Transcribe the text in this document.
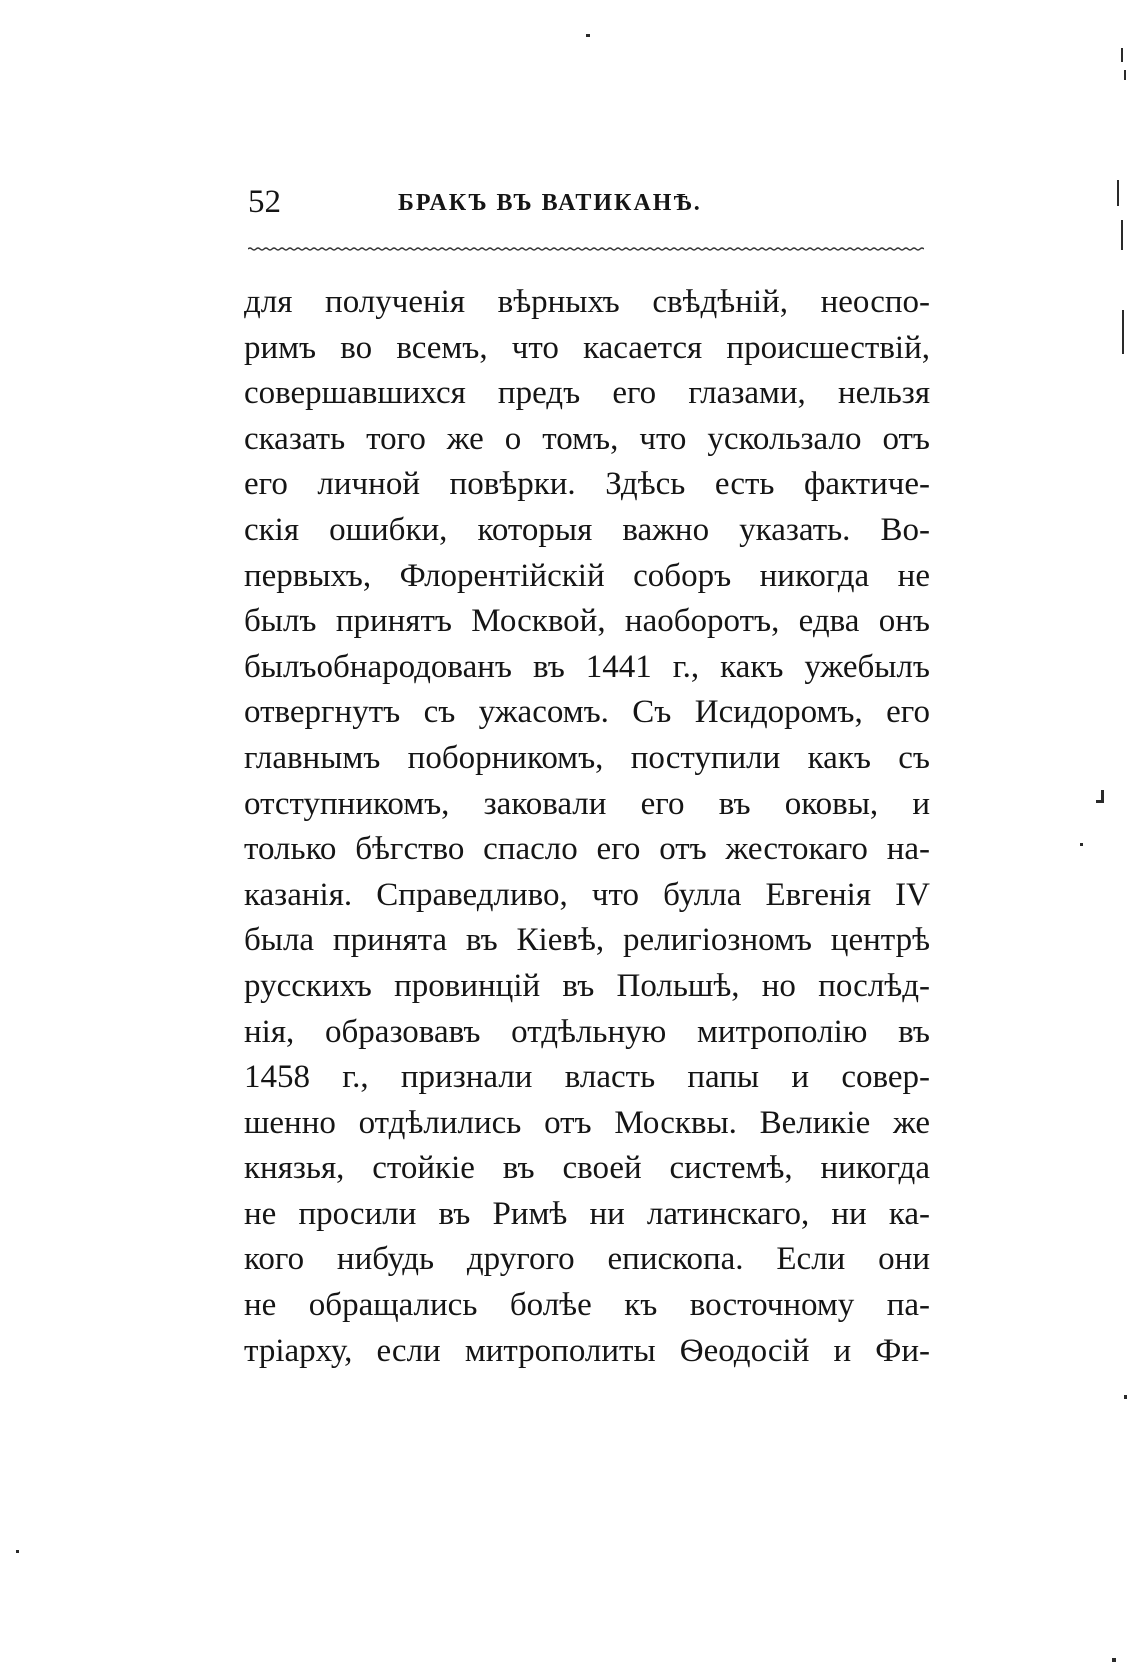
52	БРАКЪ ВЪ ВАТИКАНѢ.
для полученія вѣрныхъ свѣдѣній, неоспо-
римъ во всемъ, что касается происшествій,
совершавшихся предъ его глазами, нельзя
сказать того же о томъ, что ускользало отъ
его личной повѣрки. Здѣсь есть фактиче-
скія ошибки, которыя важно указать. Во-
первыхъ, Флорентійскій соборъ никогда не
былъ принятъ Москвой, наоборотъ, едва онъ
былъобнародованъ въ 1441 г., какъ ужебылъ
отвергнутъ съ ужасомъ. Съ Исидоромъ, его
главнымъ поборникомъ, поступили какъ съ
отступникомъ, заковали его въ оковы, и
только бѣгство спасло его отъ жестокаго на-
казанія. Справедливо, что булла Евгенія IV
была принята въ Кіевѣ, религіозномъ центрѣ
русскихъ провинцій въ Польшѣ, но послѣд-
нія, образовавъ отдѣльную митрополію въ
1458 г., признали власть папы и совер-
шенно отдѣлились отъ Москвы. Великіе же
князья, стойкіе въ своей системѣ, никогда
не просили въ Римѣ ни латинскаго, ни ка-
кого нибудь другого епископа. Если они
не обращались болѣе къ восточному па-
тріарху, если митрополиты Ѳеодосій и Фи-
